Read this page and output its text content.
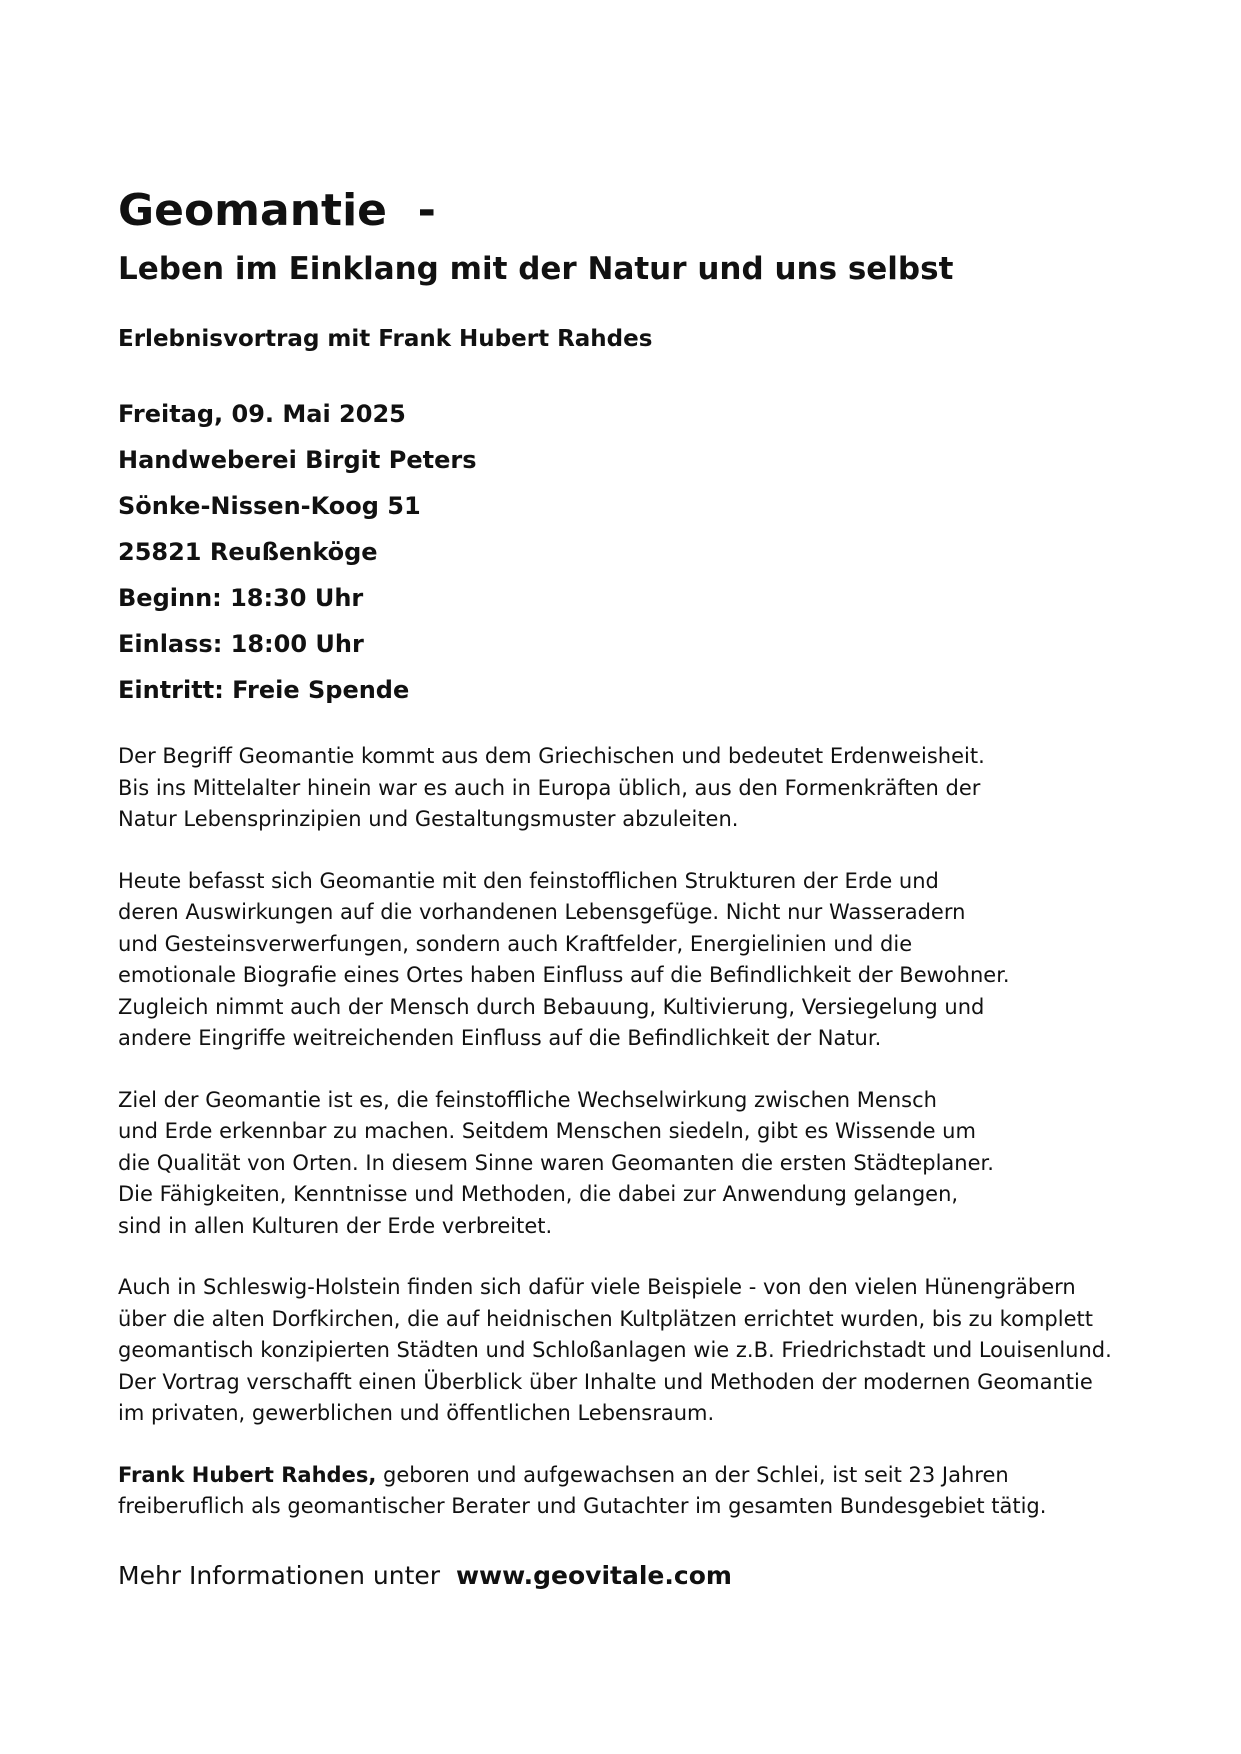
Geomantie  -
Leben im Einklang mit der Natur und uns selbst
Erlebnisvortrag mit Frank Hubert Rahdes
Freitag, 09. Mai 2025
Handweberei Birgit Peters
Sönke-Nissen-Koog 51
25821 Reußenköge
Beginn: 18:30 Uhr
Einlass: 18:00 Uhr
Eintritt: Freie Spende

Der Begriff Geomantie kommt aus dem Griechischen und bedeutet Erdenweisheit.
Bis ins Mittelalter hinein war es auch in Europa üblich, aus den Formenkräften der
Natur Lebensprinzipien und Gestaltungsmuster abzuleiten.

Heute befasst sich Geomantie mit den feinstofflichen Strukturen der Erde und
deren Auswirkungen auf die vorhandenen Lebensgefüge. Nicht nur Wasseradern
und Gesteinsverwerfungen, sondern auch Kraftfelder, Energielinien und die
emotionale Biografie eines Ortes haben Einfluss auf die Befindlichkeit der Bewohner.
Zugleich nimmt auch der Mensch durch Bebauung, Kultivierung, Versiegelung und
andere Eingriffe weitreichenden Einfluss auf die Befindlichkeit der Natur.

Ziel der Geomantie ist es, die feinstoffliche Wechselwirkung zwischen Mensch
und Erde erkennbar zu machen. Seitdem Menschen siedeln, gibt es Wissende um
die Qualität von Orten. In diesem Sinne waren Geomanten die ersten Städteplaner.
Die Fähigkeiten, Kenntnisse und Methoden, die dabei zur Anwendung gelangen,
sind in allen Kulturen der Erde verbreitet.

Auch in Schleswig-Holstein finden sich dafür viele Beispiele - von den vielen Hünengräbern
über die alten Dorfkirchen, die auf heidnischen Kultplätzen errichtet wurden, bis zu komplett
geomantisch konzipierten Städten und Schloßanlagen wie z.B. Friedrichstadt und Louisenlund.
Der Vortrag verschafft einen Überblick über Inhalte und Methoden der modernen Geomantie
im privaten, gewerblichen und öffentlichen Lebensraum.

Frank Hubert Rahdes, geboren und aufgewachsen an der Schlei, ist seit 23 Jahren
freiberuflich als geomantischer Berater und Gutachter im gesamten Bundesgebiet tätig.

Mehr Informationen unter  www.geovitale.com
